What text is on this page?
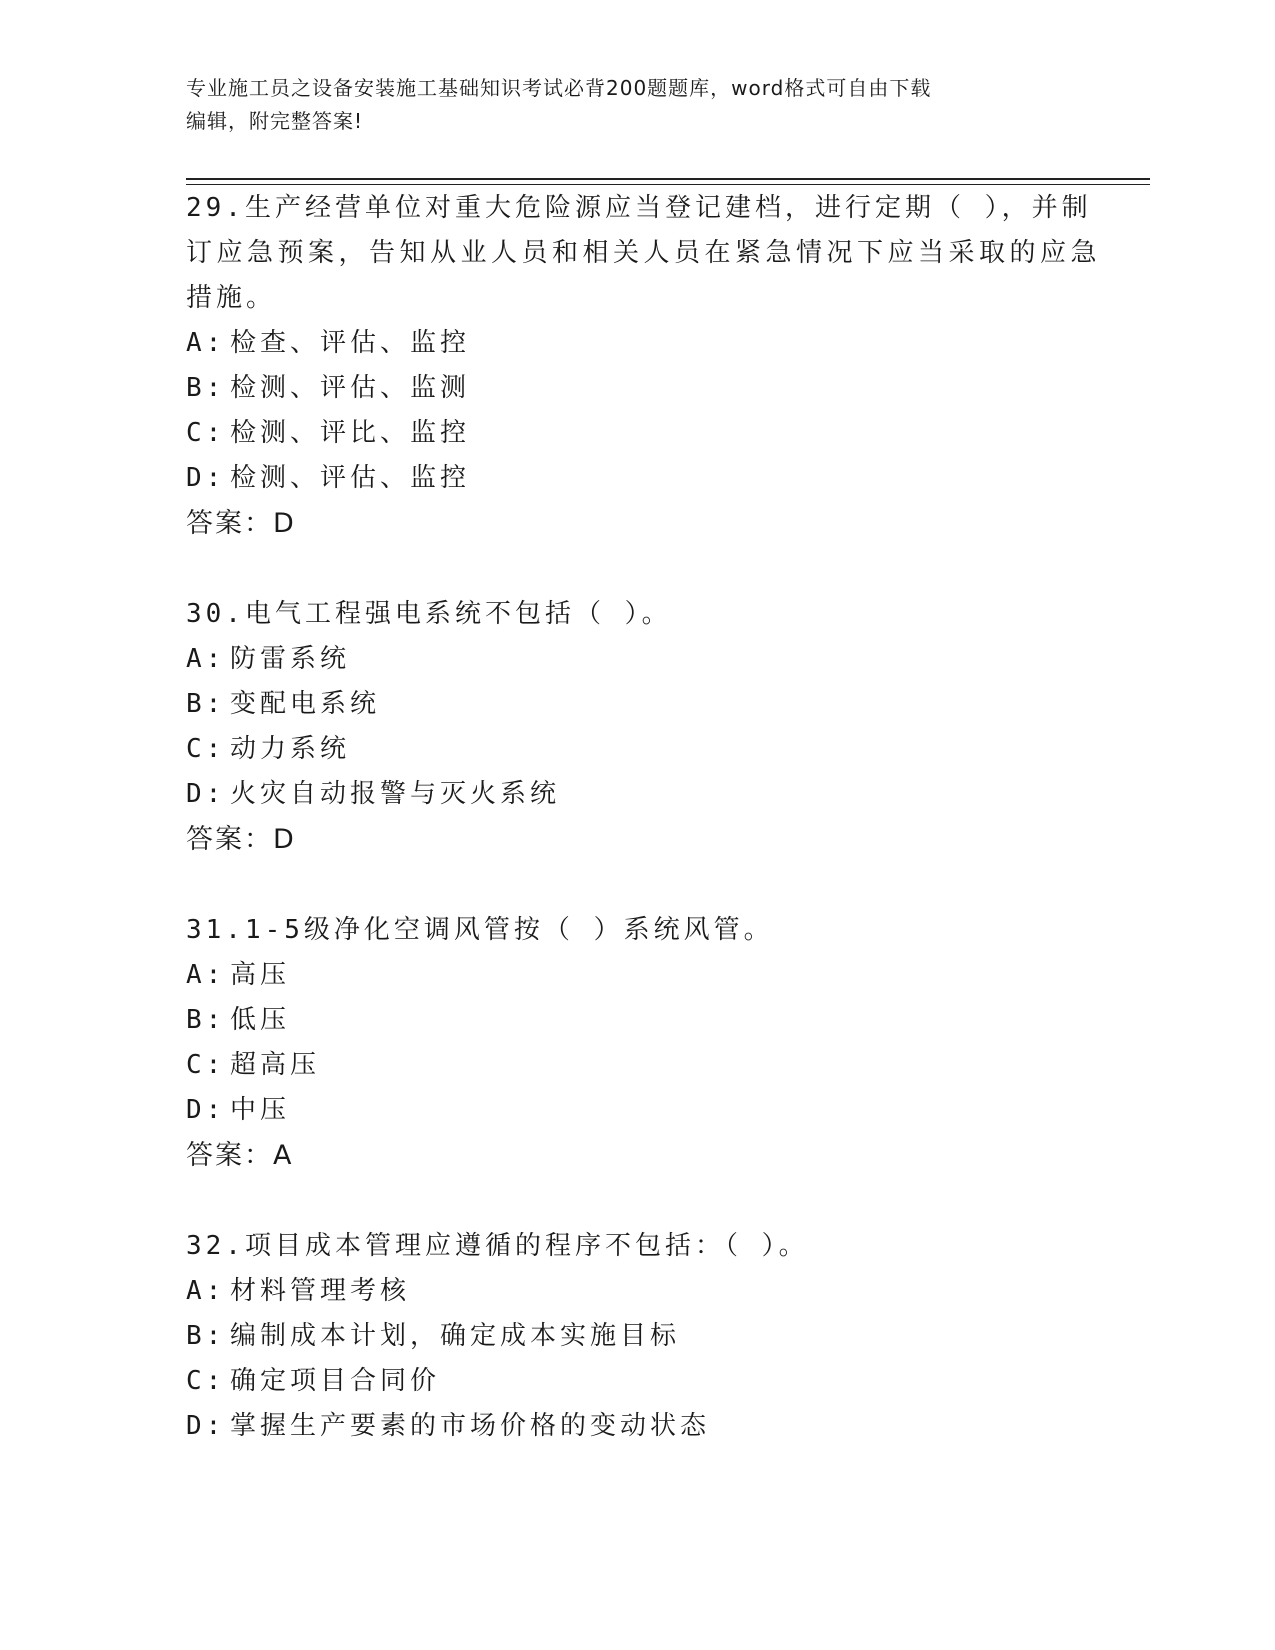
专业施工员之设备安装施工基础知识考试必背200题题库，word格式可自由下载
编辑，附完整答案!
29.生产经营单位对重大危险源应当登记建档，进行定期（ ），并制
订应急预案，告知从业人员和相关人员在紧急情况下应当采取的应急
措施。
A: 检查、评估、监控
B: 检测、评估、监测
C: 检测、评比、监控
D: 检测、评估、监控
答案：D
30.电气工程强电系统不包括（ ）。
A: 防雷系统
B: 变配电系统
C: 动力系统
D: 火灾自动报警与灭火系统
答案：D
31.1-5级净化空调风管按（ ）系统风管。
A: 高压
B: 低压
C: 超高压
D: 中压
答案：A
32.项目成本管理应遵循的程序不包括：（ ）。
A: 材料管理考核
B: 编制成本计划，确定成本实施目标
C: 确定项目合同价
D: 掌握生产要素的市场价格的变动状态
